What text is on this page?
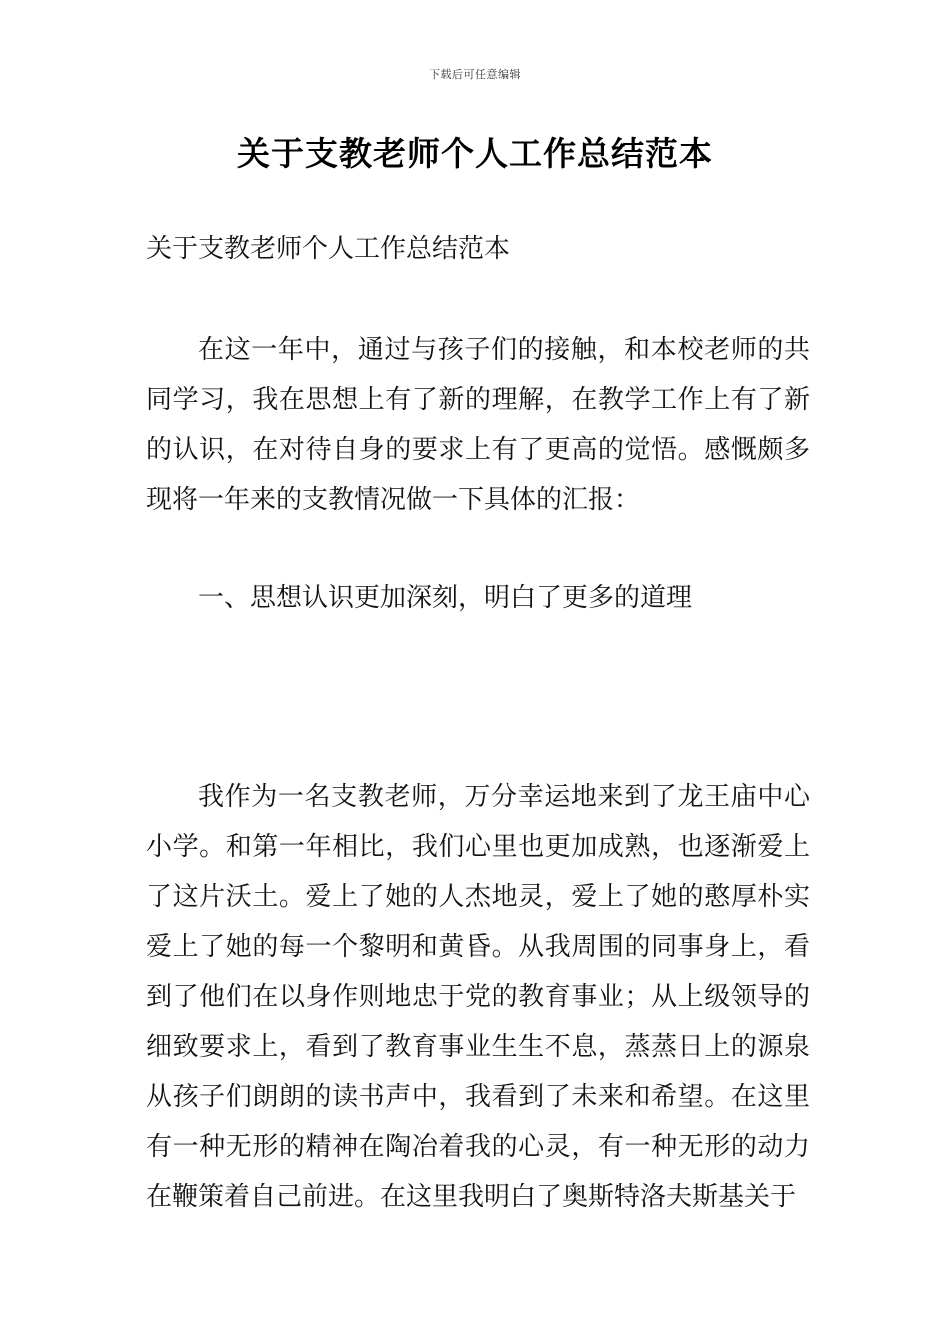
下载后可任意编辑
关于支教老师个人工作总结范本

关于支教老师个人工作总结范本

在这一年中，通过与孩子们的接触，和本校老师的共同学习，我在思想上有了新的理解，在教学工作上有了新的认识，在对待自身的要求上有了更高的觉悟。感慨颇多现将一年来的支教情况做一下具体的汇报：

一、思想认识更加深刻，明白了更多的道理

我作为一名支教老师，万分幸运地来到了龙王庙中心小学。和第一年相比，我们心里也更加成熟，也逐渐爱上了这片沃土。爱上了她的人杰地灵，爱上了她的憨厚朴实爱上了她的每一个黎明和黄昏。从我周围的同事身上，看到了他们在以身作则地忠于党的教育事业；从上级领导的细致要求上，看到了教育事业生生不息，蒸蒸日上的源泉从孩子们朗朗的读书声中，我看到了未来和希望。在这里有一种无形的精神在陶冶着我的心灵，有一种无形的动力在鞭策着自己前进。在这里我明白了奥斯特洛夫斯基关于
